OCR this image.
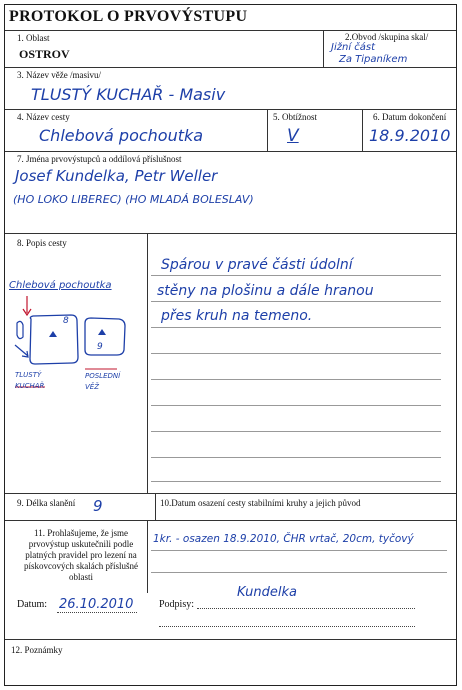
PROTOKOL O PRVOVÝSTUPU
1. Oblast
OSTROV
2.Obvod /skupina skal/
Jižní část
Za Tipaníkem
3. Název věže /masivu/
TLUSTÝ KUCHAŘ - Masiv
4. Název cesty
Chlebová pochoutka
5. Obtížnost
V
6. Datum dokončení
18.9.2010
7. Jména prvovýstupců a oddílová příslušnost
Josef Kundelka, Petr Weller
(HO LOKO LIBEREC) (HO MLADÁ BOLESLAV)
8. Popis cesty
Spárou v pravé části údolní
stěny na plošinu a dále hranou
přes kruh na temeno.
Chlebová pochoutka
8
9
TLUSTÝ KUCHAŘ
POSLEDNÍ VĚŽ
9. Délka slanění 9	10.Datum osazení cesty stabilními kruhy a jejich původ
11. Prohlašujeme, že jsme prvovýstup uskutečnili podle platných pravidel pro lezení na pískovcových skalách příslušné oblasti
1kr. - osazen 18.9.2010, ČHR vrtač, 20cm, tyčový
Datum: 26.10.2010	Podpisy:
Kundelka
12. Poznámky
